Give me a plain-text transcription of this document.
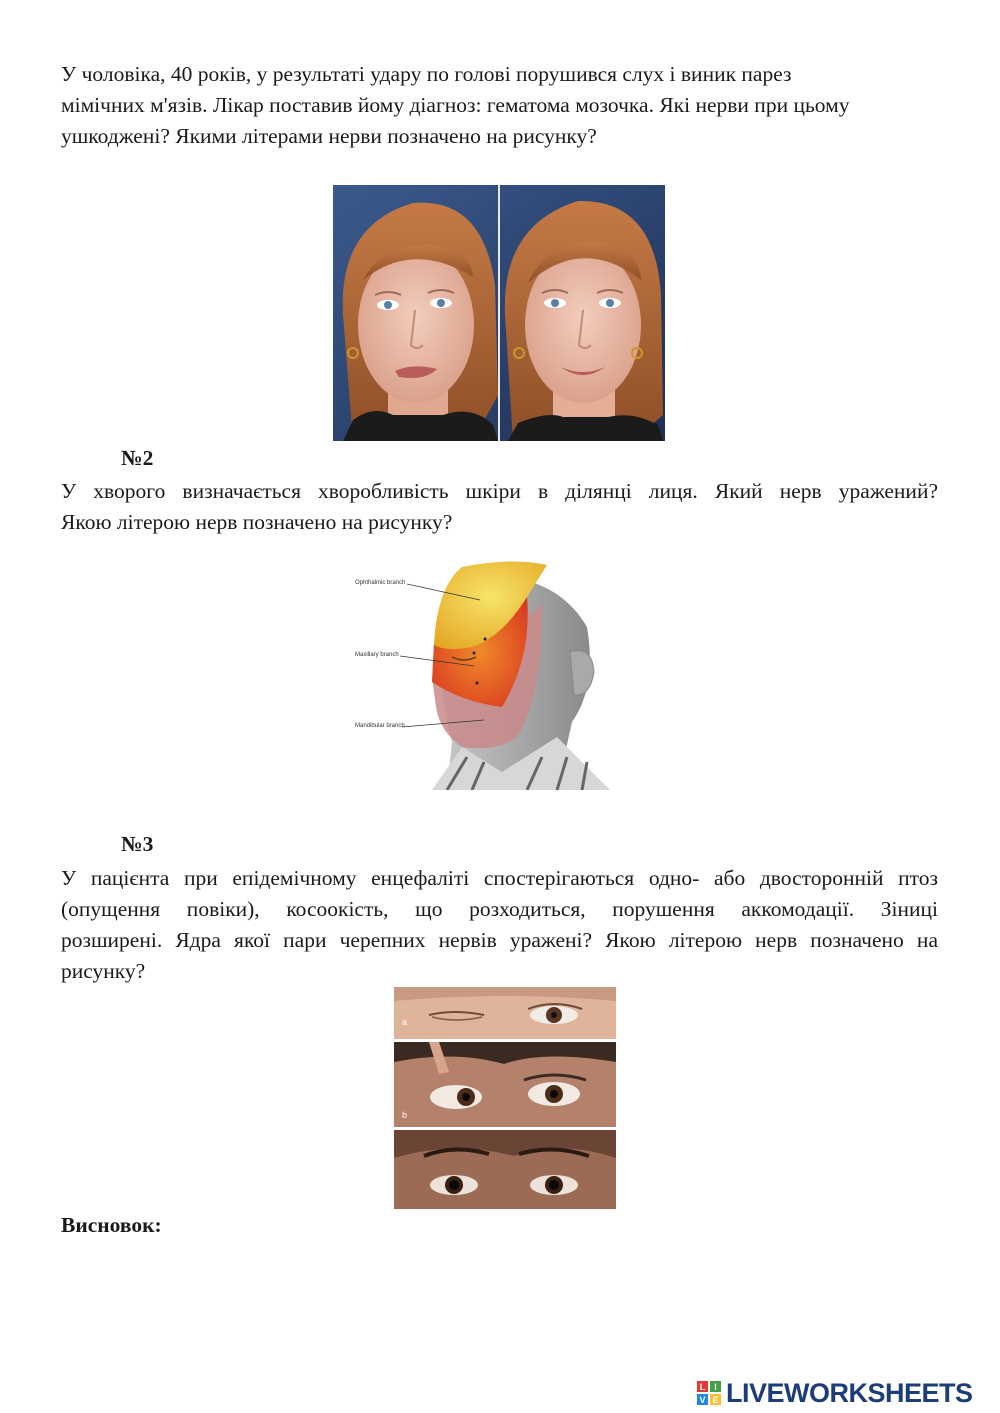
У чоловіка, 40 років, у результаті удару по голові порушився слух і виник парез
мімічних м'язів. Лікар поставив йому діагноз: гематома мозочка. Які нерви при цьому
ушкоджені? Якими літерами нерви позначено на рисунку?

№2

У хворого визначається хворобливість шкіри в ділянці лиця. Який нерв уражений?
Якою літерою нерв позначено на рисунку?

Ophthalmic branch
Maxillary branch
Mandibular branch

№3

У пацієнта при епідемічному енцефаліті спостерігаються одно- або двосторонній птоз
(опущення повіки), косоокість, що розходиться, порушення аккомодації. Зіниці
розширені. Ядра якої пари черепних нервів уражені? Якою літерою нерв позначено на
рисунку?

a
b

Висновок:

L I
V E LIVEWORKSHEETS
